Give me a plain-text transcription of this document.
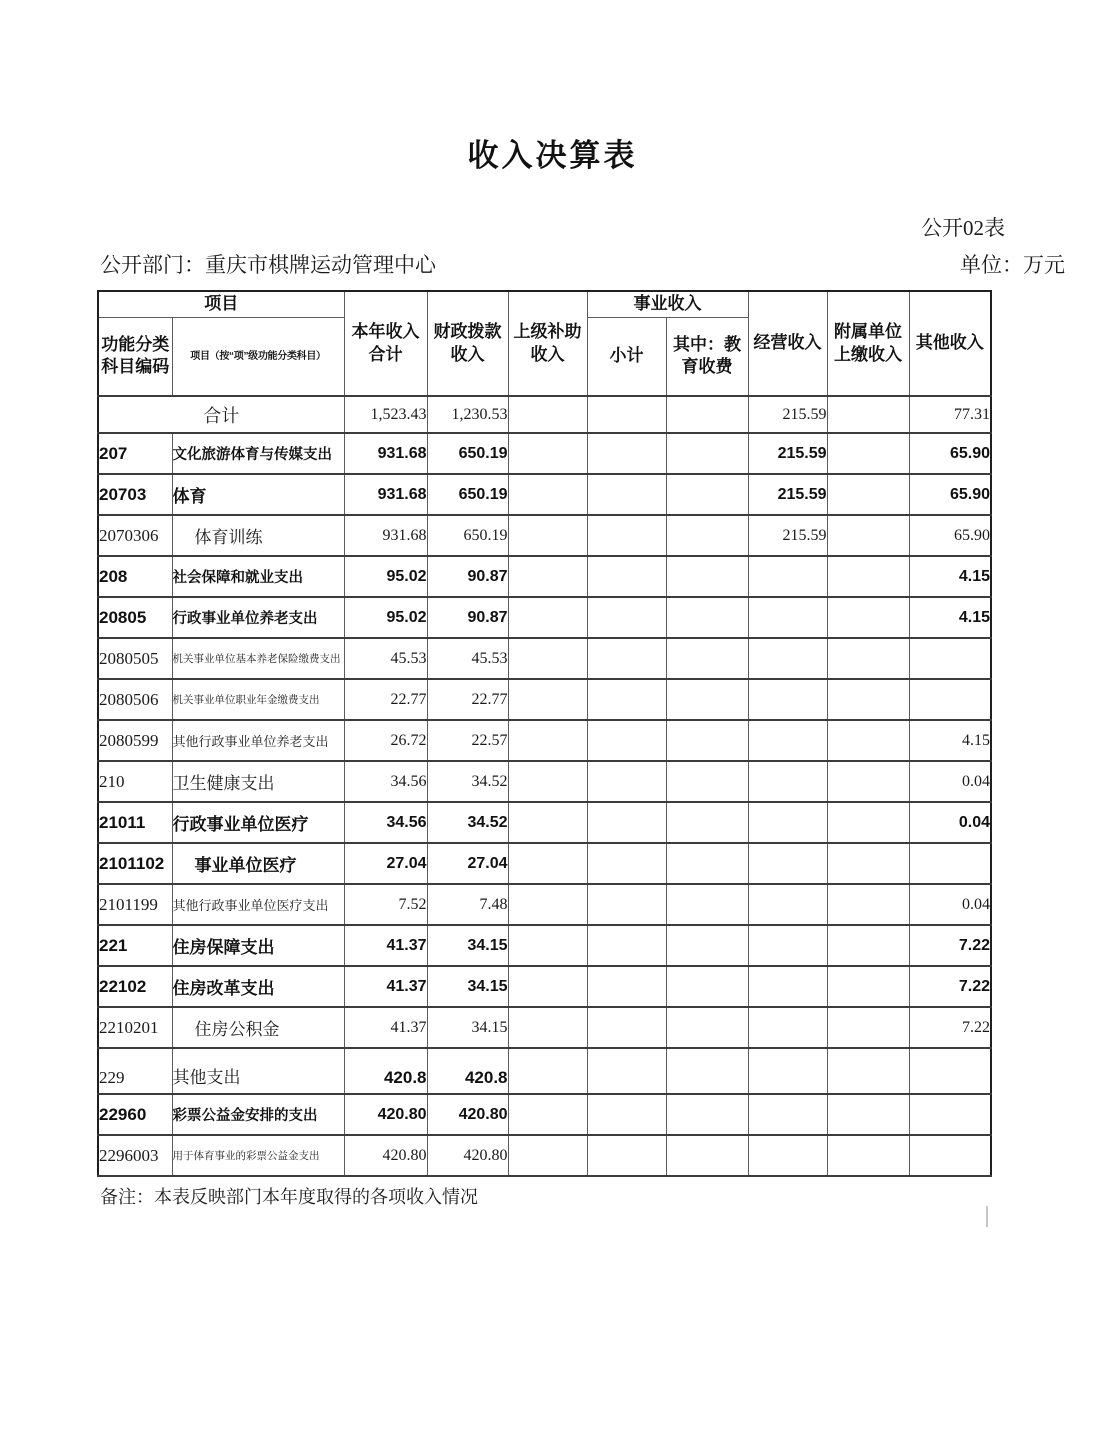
收入决算表
公开02表
公开部门：重庆市棋牌运动管理中心	单位：万元
项目		本年收入合计	财政拨款收入	上级补助收入	事业收入		经营收入	附属单位上缴收入	其他收入
功能分类科目编码	项目（按“项”级功能分类科目）				小计	其中：教育收费			
合计		1,523.43	1,230.53				215.59		77.31
207	文化旅游体育与传媒支出	931.68	650.19				215.59		65.90
20703	体育	931.68	650.19				215.59		65.90
2070306	体育训练	931.68	650.19				215.59		65.90
208	社会保障和就业支出	95.02	90.87						4.15
20805	行政事业单位养老支出	95.02	90.87						4.15
2080505	机关事业单位基本养老保险缴费支出	45.53	45.53						
2080506	机关事业单位职业年金缴费支出	22.77	22.77						
2080599	其他行政事业单位养老支出	26.72	22.57						4.15
210	卫生健康支出	34.56	34.52						0.04
21011	行政事业单位医疗	34.56	34.52						0.04
2101102	事业单位医疗	27.04	27.04						
2101199	其他行政事业单位医疗支出	7.52	7.48						0.04
221	住房保障支出	41.37	34.15						7.22
22102	住房改革支出	41.37	34.15						7.22
2210201	住房公积金	41.37	34.15						7.22
229	其他支出	420.8	420.8						
22960	彩票公益金安排的支出	420.80	420.80						
2296003	用于体育事业的彩票公益金支出	420.80	420.80						
备注：本表反映部门本年度取得的各项收入情况
